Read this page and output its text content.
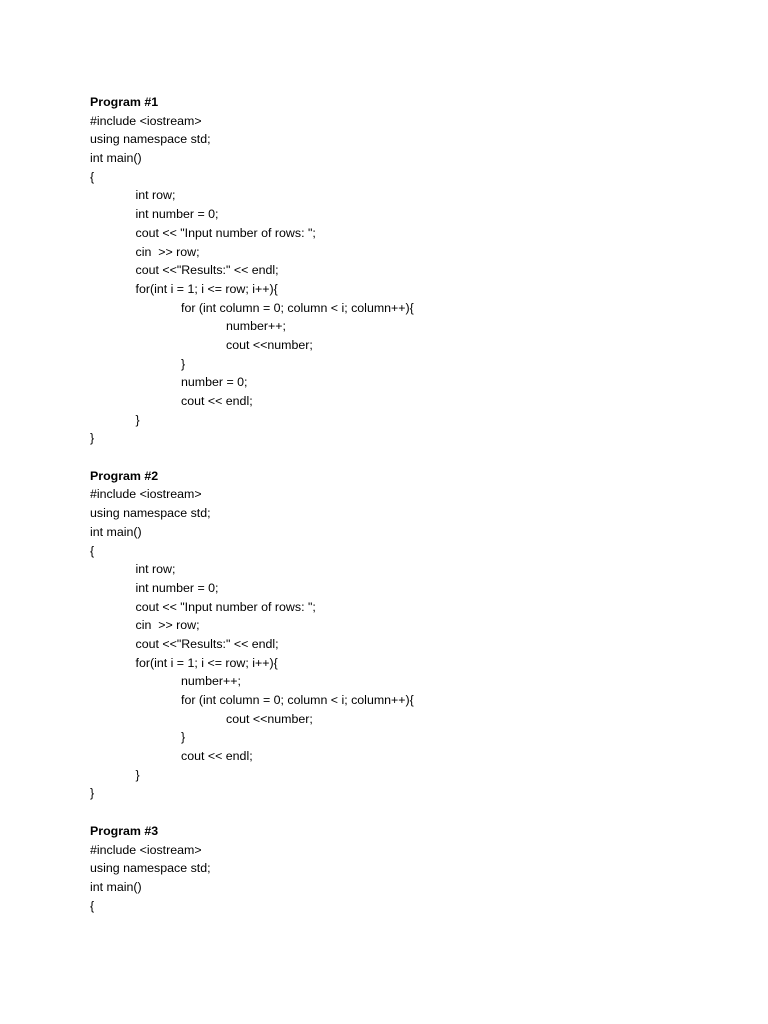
Program #1
#include <iostream>
using namespace std;
int main()
{
int row;
int number = 0;
cout << "Input number of rows: ";
cin  >> row;
cout <<"Results:" << endl;
for(int i = 1; i <= row; i++){
for (int column = 0; column < i; column++){
number++;
cout <<number;
}
number = 0;
cout << endl;
}
}
Program #2
#include <iostream>
using namespace std;
int main()
{
int row;
int number = 0;
cout << "Input number of rows: ";
cin  >> row;
cout <<"Results:" << endl;
for(int i = 1; i <= row; i++){
number++;
for (int column = 0; column < i; column++){
cout <<number;
}
cout << endl;
}
}
Program #3
#include <iostream>
using namespace std;
int main()
{
